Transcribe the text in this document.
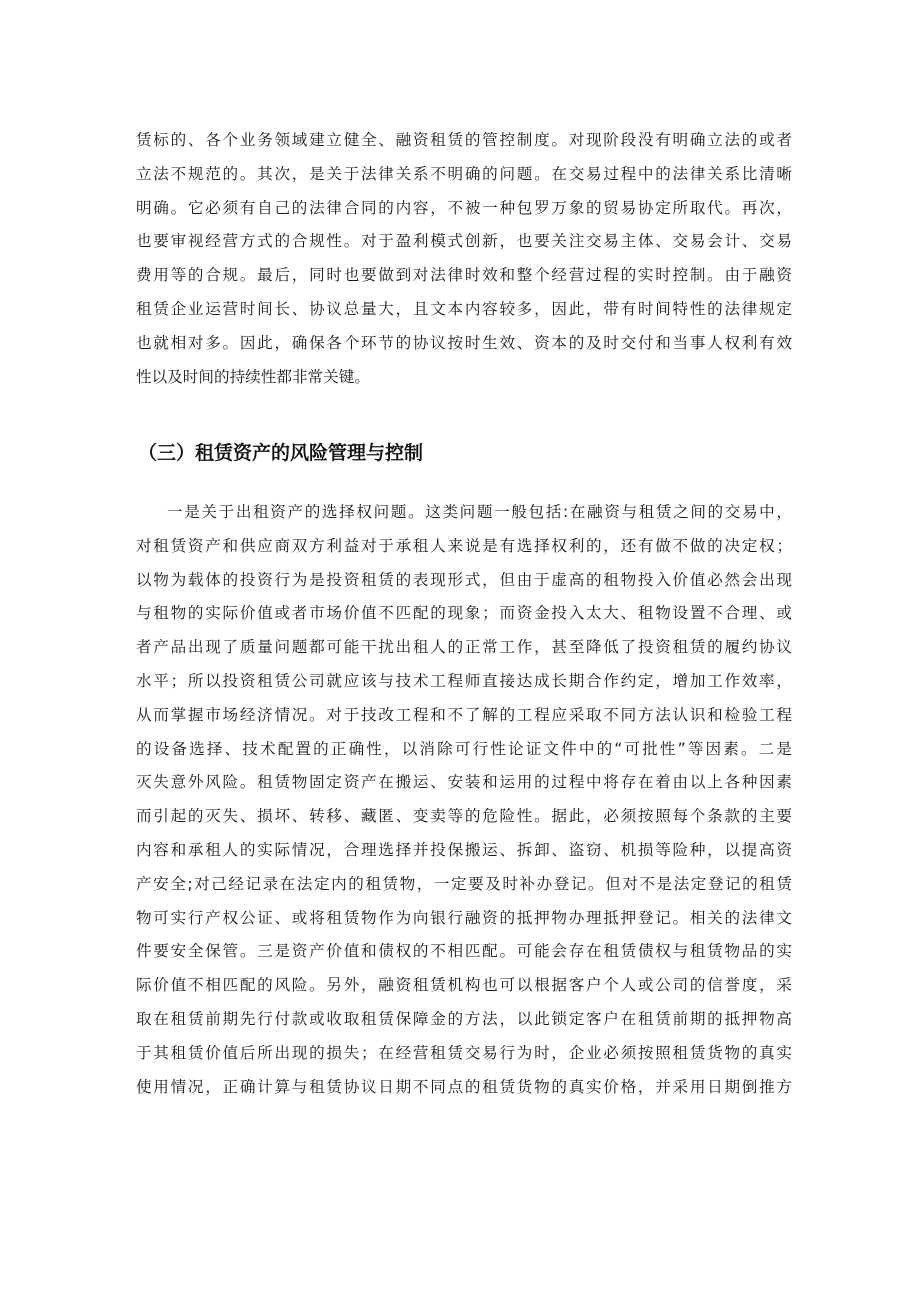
赁标的、各个业务领域建立健全、融资租赁的管控制度。对现阶段没有明确立法的或者
立法不规范的。其次，是关于法律关系不明确的问题。在交易过程中的法律关系比清晰
明确。它必须有自己的法律合同的内容，不被一种包罗万象的贸易协定所取代。再次，
也要审视经营方式的合规性。对于盈利模式创新，也要关注交易主体、交易会计、交易
费用等的合规。最后，同时也要做到对法律时效和整个经营过程的实时控制。由于融资
租赁企业运营时间长、协议总量大，且文本内容较多，因此，带有时间特性的法律规定
也就相对多。因此，确保各个环节的协议按时生效、资本的及时交付和当事人权利有效
性以及时间的持续性都非常关键。
（三）租赁资产的风险管理与控制
一是关于出租资产的选择权问题。这类问题一般包括:在融资与租赁之间的交易中，
对租赁资产和供应商双方利益对于承租人来说是有选择权利的，还有做不做的决定权；
以物为载体的投资行为是投资租赁的表现形式，但由于虚高的租物投入价值必然会出现
与租物的实际价值或者市场价值不匹配的现象；而资金投入太大、租物设置不合理、或
者产品出现了质量问题都可能干扰出租人的正常工作，甚至降低了投资租赁的履约协议
水平；所以投资租赁公司就应该与技术工程师直接达成长期合作约定，增加工作效率，
从而掌握市场经济情况。对于技改工程和不了解的工程应采取不同方法认识和检验工程
的设备选择、技术配置的正确性，以消除可行性论证文件中的“可批性”等因素。二是
灭失意外风险。租赁物固定资产在搬运、安装和运用的过程中将存在着由以上各种因素
而引起的灭失、损坏、转移、藏匿、变卖等的危险性。据此，必须按照每个条款的主要
内容和承租人的实际情况，合理选择并投保搬运、拆卸、盗窃、机损等险种，以提高资
产安全;对己经记录在法定内的租赁物，一定要及时补办登记。但对不是法定登记的租赁
物可实行产权公证、或将租赁物作为向银行融资的抵押物办理抵押登记。相关的法律文
件要安全保管。三是资产价值和债权的不相匹配。可能会存在租赁债权与租赁物品的实
际价值不相匹配的风险。另外，融资租赁机构也可以根据客户个人或公司的信誉度，采
取在租赁前期先行付款或收取租赁保障金的方法，以此锁定客户在租赁前期的抵押物高
于其租赁价值后所出现的损失；在经营租赁交易行为时，企业必须按照租赁货物的真实
使用情况，正确计算与租赁协议日期不同点的租赁货物的真实价格，并采用日期倒推方
